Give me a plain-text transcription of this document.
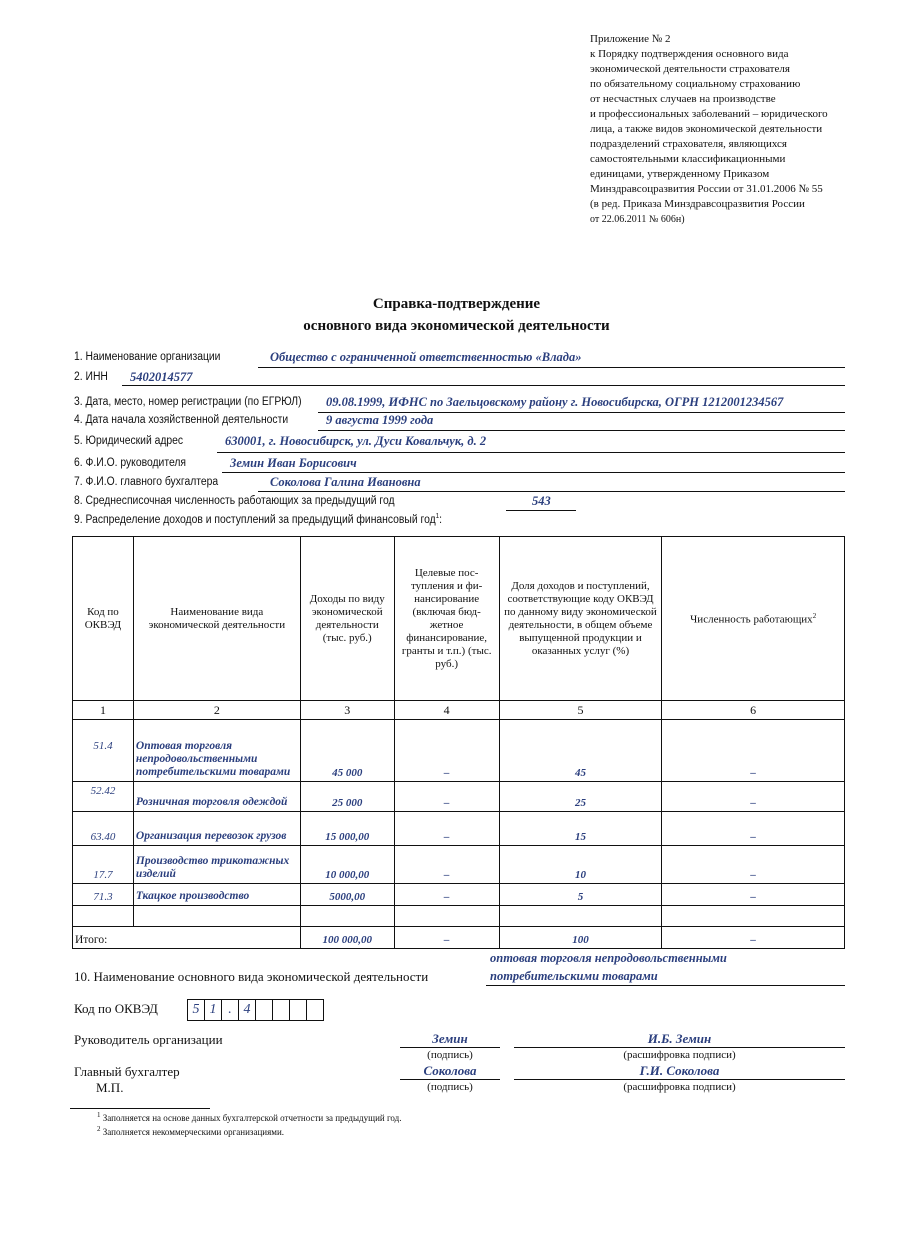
Приложение № 2
к Порядку подтверждения основного вида
экономической деятельности страхователя
по обязательному социальному страхованию
от несчастных случаев на производстве
и профессиональных заболеваний – юридического
лица, а также видов экономической деятельности
подразделений страхователя, являющихся
самостоятельными классификационными
единицами, утвержденному Приказом
Минздравсоцразвития России от 31.01.2006 № 55
(в ред. Приказа Минздравсоцразвития России
от 22.06.2011 № 606н)
Справка-подтверждение
основного вида экономической деятельности
1. Наименование организации	Общество с ограниченной ответственностью «Влада»
2. ИНН 5402014577
3. Дата, место, номер регистрации (по ЕГРЮЛ) 09.08.1999, ИФНС по Заельцовскому району г. Новосибирска, ОГРН 1212001234567
4. Дата начала хозяйственной деятельности	9 августа 1999 года
5. Юридический адрес	630001, г. Новосибирск, ул. Дуси Ковальчук, д. 2
6. Ф.И.О. руководителя	Земин Иван Борисович
7. Ф.И.О. главного бухгалтера	Соколова Галина Ивановна
8. Среднесписочная численность работающих за предыдущий год	543
9. Распределение доходов и поступлений за предыдущий финансовый год$^1$:
Код по ОКВЭД	Наименование вида экономической деятельности	Доходы по виду экономической деятельности (тыс. руб.)	Целевые пос-тупления и фи-нансирование (включая бюд-жетное финансирование, гранты и т.п.) (тыс. руб.)	Доля доходов и поступлений, соответствующие коду ОКВЭД по данному виду экономической деятельности, в общем объеме выпущенной продукции и оказанных услуг (%)	Численность работающих$^2$
1	2	3	4	5	6
51.4	Оптовая торговля непродовольственными потребительскими товарами	45 000	–	45	–
52.42	Розничная торговля одеждой	25 000	–	25	–
63.40	Организация перевозок грузов	15 000,00	–	15	–
17.7	Производство трикотажных изделий	10 000,00	–	10	–
71.3	Ткацкое производство	5000,00	–	5	–

Итого:		100 000,00	–	100	–
10. Наименование основного вида экономической деятельности
оптовая торговля непродовольственными
потребительскими товарами
Код по ОКВЭД	5 1 . 4
Руководитель организации	Земин	И.Б. Земин
(подпись)	(расшифровка подписи)
Главный бухгалтер	Соколова	Г.И. Соколова
М.П.	(подпись)	(расшифровка подписи)
$^1$ Заполняется на основе данных бухгалтерской отчетности за предыдущий год.
$^2$ Заполняется некоммерческими организациями.
